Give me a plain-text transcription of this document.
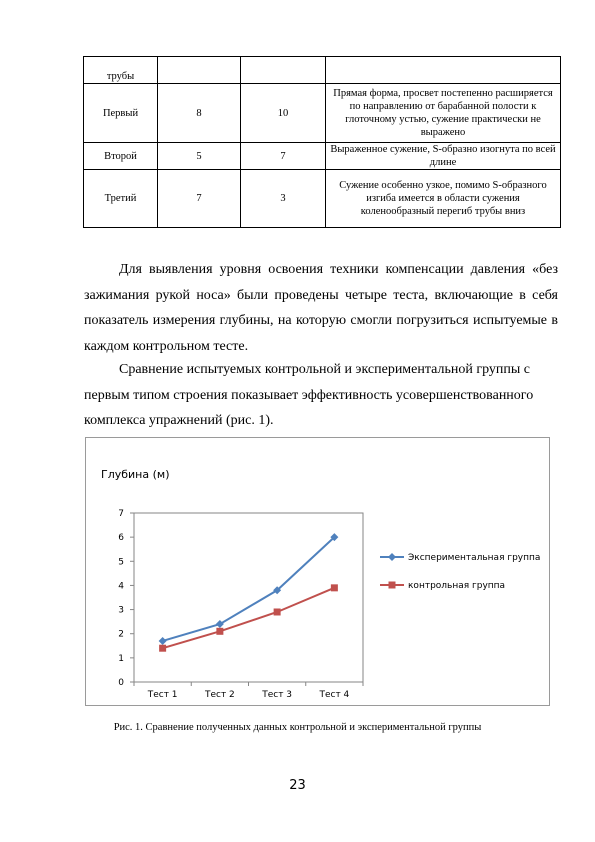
трубы			
Первый	8	10	Прямая форма, просвет постепенно расширяется по направлению от барабанной полости к глоточному устью, сужение практически не выражено
Второй	5	7	Выраженное сужение, S-образно изогнута по всей длине
Третий	7	3	Сужение особенно узкое, помимо S-образного изгиба имеется в области сужения коленообразный перегиб трубы вниз

Для выявления уровня освоения техники компенсации давления «без зажимания рукой носа» были проведены четыре теста, включающие в себя показатель измерения глубины, на которую смогли погрузиться испытуемые в каждом контрольном тесте.

Сравнение испытуемых контрольной и экспериментальной группы с первым типом строения показывает эффективность усовершенствованного комплекса упражнений (рис. 1).

Глубина (м)
0
1
2
3
4
5
6
7
Тест 1	Тест 2	Тест 3	Тест 4
Экспериментальная группа
контрольная группа
Рис. 1. Сравнение полученных данных контрольной и экспериментальной группы
23
